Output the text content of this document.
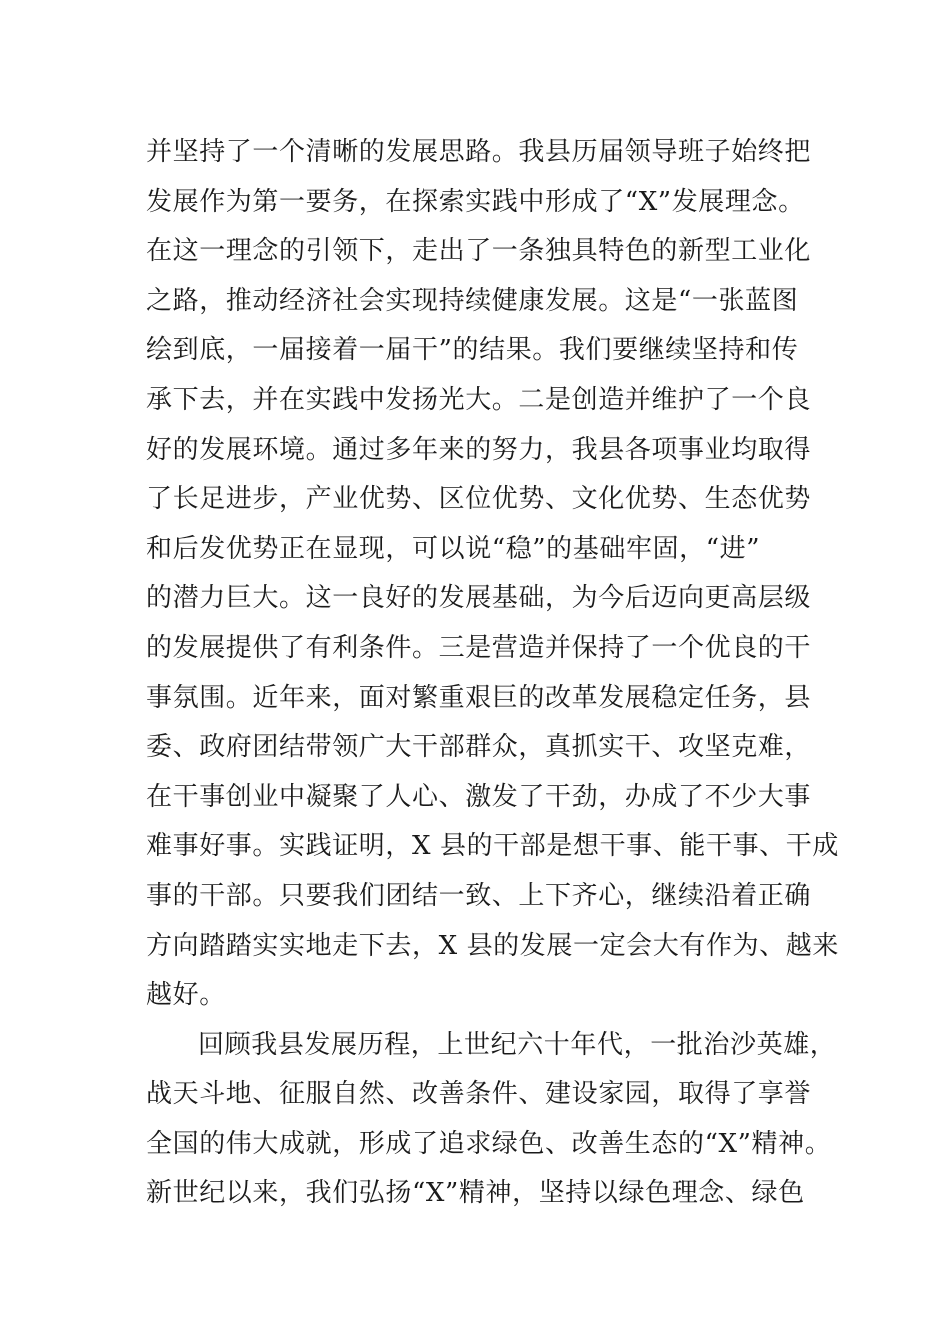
并坚持了一个清晰的发展思路。我县历届领导班子始终把
发展作为第一要务，在探索实践中形成了“X”发展理念。
在这一理念的引领下，走出了一条独具特色的新型工业化
之路，推动经济社会实现持续健康发展。这是“一张蓝图
绘到底，一届接着一届干”的结果。我们要继续坚持和传
承下去，并在实践中发扬光大。二是创造并维护了一个良
好的发展环境。通过多年来的努力，我县各项事业均取得
了长足进步，产业优势、区位优势、文化优势、生态优势
和后发优势正在显现，可以说“稳”的基础牢固，“进”
的潜力巨大。这一良好的发展基础，为今后迈向更高层级
的发展提供了有利条件。三是营造并保持了一个优良的干
事氛围。近年来，面对繁重艰巨的改革发展稳定任务，县
委、政府团结带领广大干部群众，真抓实干、攻坚克难，
在干事创业中凝聚了人心、激发了干劲，办成了不少大事
难事好事。实践证明，X 县的干部是想干事、能干事、干成
事的干部。只要我们团结一致、上下齐心，继续沿着正确
方向踏踏实实地走下去，X 县的发展一定会大有作为、越来
越好。
回顾我县发展历程，上世纪六十年代，一批治沙英雄，
战天斗地、征服自然、改善条件、建设家园，取得了享誉
全国的伟大成就，形成了追求绿色、改善生态的“X”精神。
新世纪以来，我们弘扬“X”精神，坚持以绿色理念、绿色
